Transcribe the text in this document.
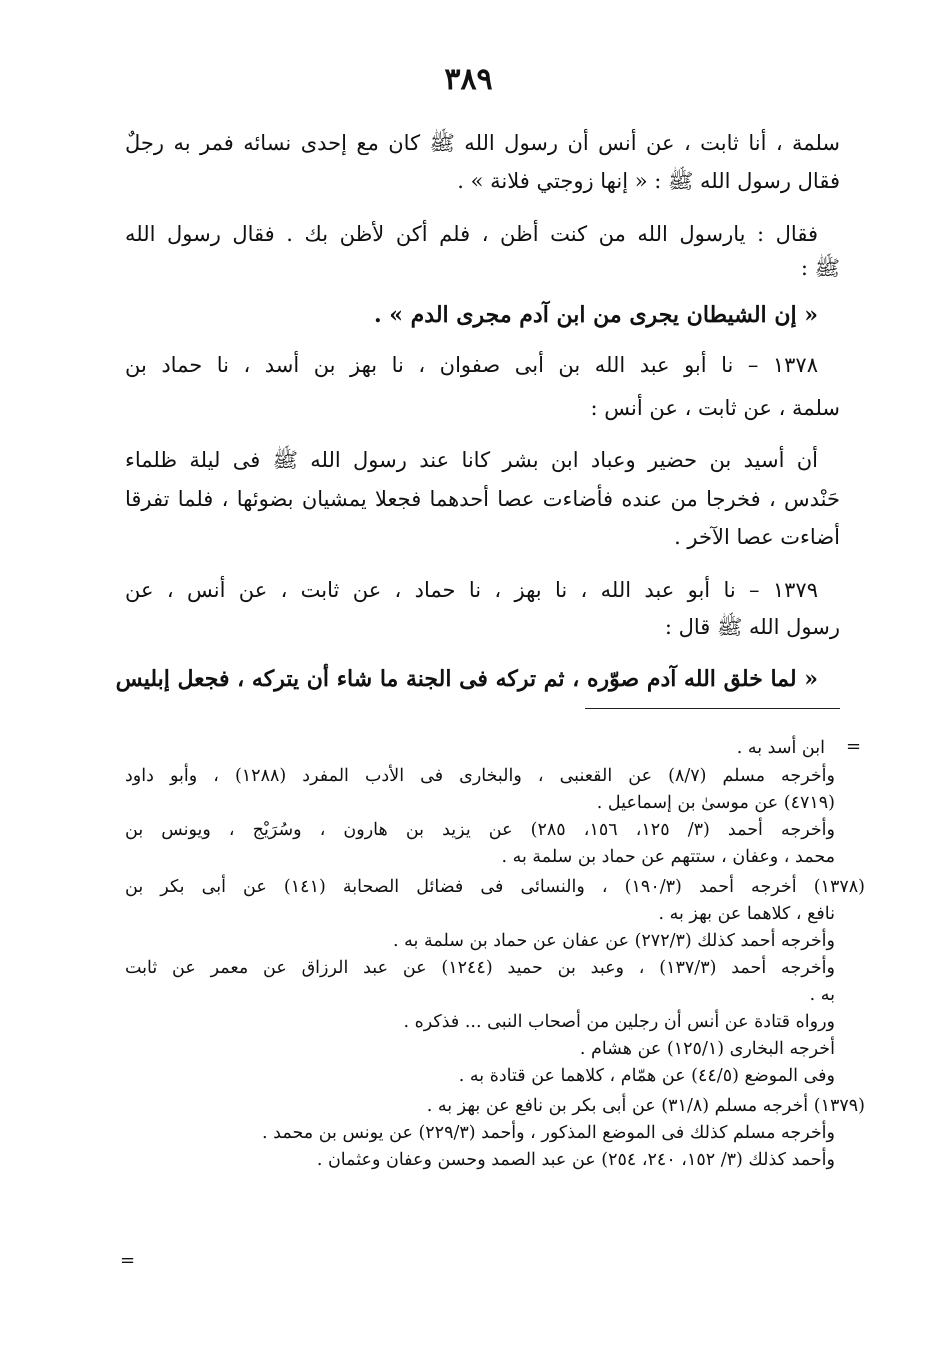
٣٨٩
سلمة ، أنا ثابت ، عن أنس أن رسول الله ﷺ كان مع إحدى نسائه فمر به رجلٌ
فقال رسول الله ﷺ : « إنها زوجتي فلانة » .
فقال : يارسول الله من كنت أظن ، فلم أكن لأظن بك . فقال رسول الله
ﷺ :
« إن الشيطان يجرى من ابن آدم مجرى الدم » .
١٣٧٨ – نا أبو عبد الله بن أبى صفوان ، نا بهز بن أسد ، نا حماد بن
سلمة ، عن ثابت ، عن أنس :
أن أسيد بن حضير وعباد ابن بشر كانا عند رسول الله ﷺ فى ليلة ظلماء
حَنْدس ، فخرجا من عنده فأضاءت عصا أحدهما فجعلا يمشيان بضوئها ، فلما تفرقا
أضاءت عصا الآخر .
١٣٧٩ – نا أبو عبد الله ، نا بهز ، نا حماد ، عن ثابت ، عن أنس ، عن
رسول الله ﷺ قال :
« لما خلق الله آدم صوّره ، ثم تركه فى الجنة ما شاء أن يتركه ، فجعل إبليس
ابن أسد به .
وأخرجه مسلم (٨/٧) عن القعنبى ، والبخارى فى الأدب المفرد (١٢٨٨) ، وأبو داود
(٤٧١٩) عن موسىٰ بن إسماعيل .
وأخرجه أحمد (٣/ ١٢٥، ١٥٦، ٢٨٥) عن يزيد بن هارون ، وسُرَيْج ، ويونس بن
محمد ، وعفان ، ستتهم عن حماد بن سلمة به .
(١٣٧٨) أخرجه أحمد (١٩٠/٣) ، والنسائى فى فضائل الصحابة (١٤١) عن أبى بكر بن
نافع ، كلاهما عن بهز به .
وأخرجه أحمد كذلك (٢٧٢/٣) عن عفان عن حماد بن سلمة به .
وأخرجه أحمد (١٣٧/٣) ، وعبد بن حميد (١٢٤٤) عن عبد الرزاق عن معمر عن ثابت
به .
ورواه قتادة عن أنس أن رجلين من أصحاب النبى ... فذكره .
أخرجه البخارى (١٢٥/١) عن هشام .
وفى الموضع (٤٤/٥) عن همّام ، كلاهما عن قتادة به .
(١٣٧٩) أخرجه مسلم (٣١/٨) عن أبى بكر بن نافع عن بهز به .
وأخرجه مسلم كذلك فى الموضع المذكور ، وأحمد (٢٢٩/٣) عن يونس بن محمد .
وأحمد كذلك (٣/ ١٥٢، ٢٤٠، ٢٥٤) عن عبد الصمد وحسن وعفان وعثمان .
=
=
